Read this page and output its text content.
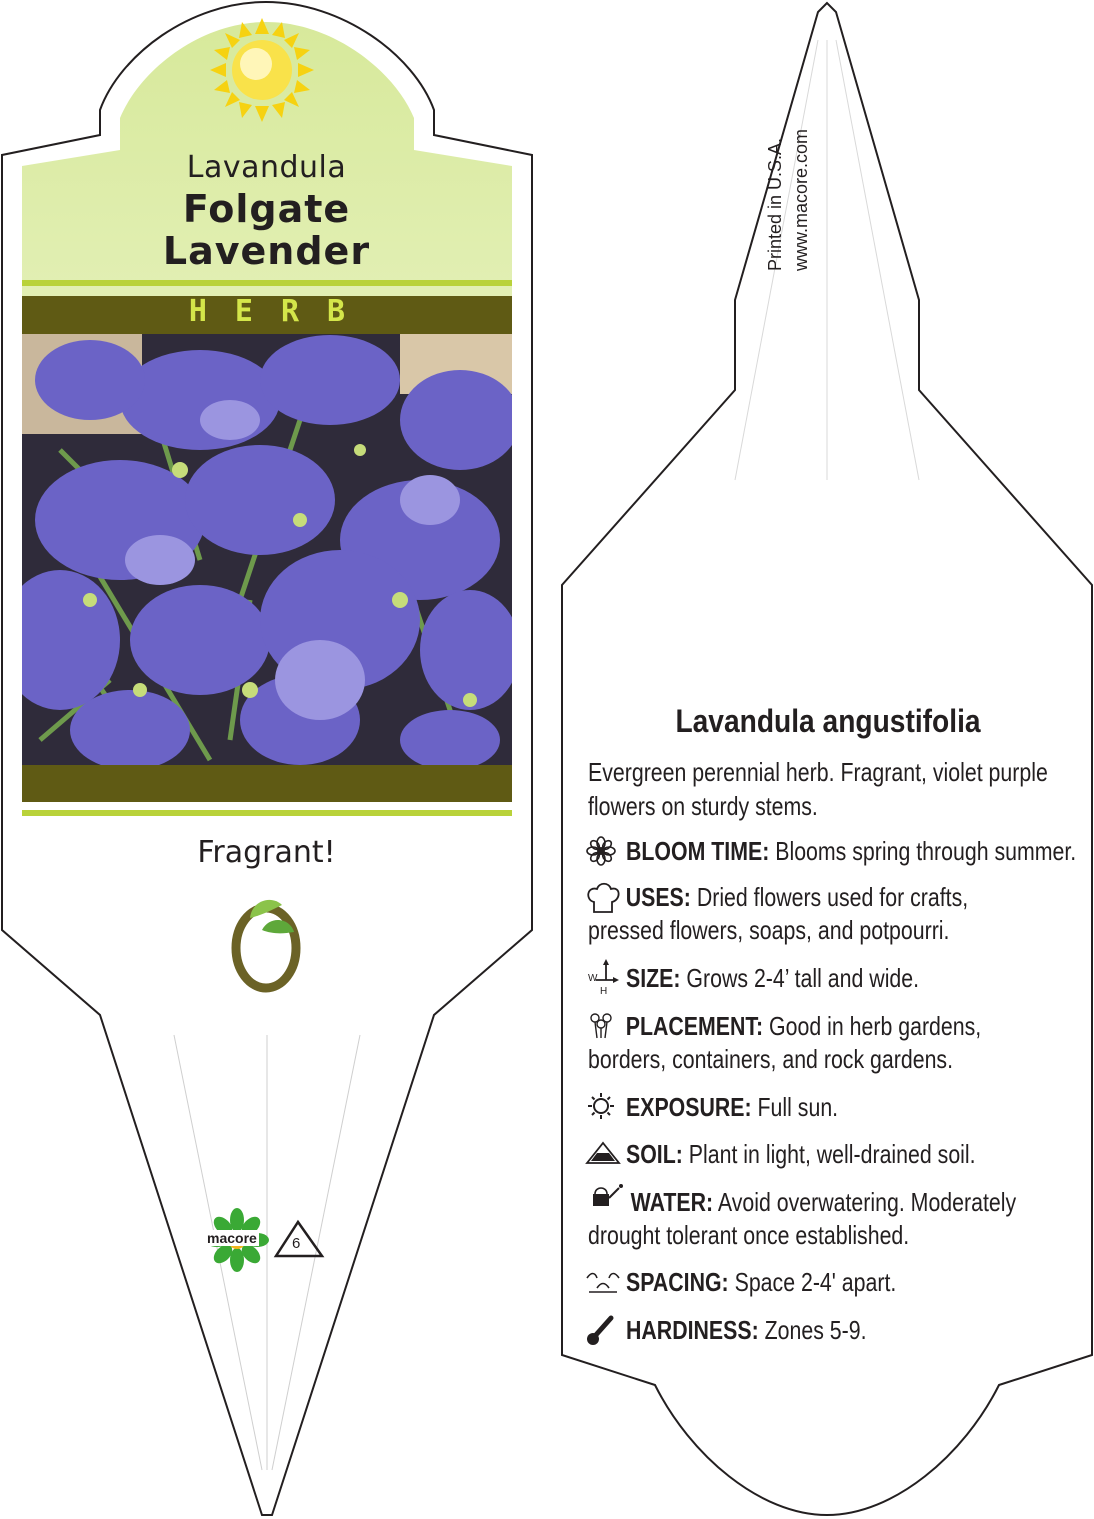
Lavandula
Folgate
Lavender
HERB
Fragrant!
macore 6
Printed in U.S.A. www.macore.com
Lavandula angustifolia
Evergreen perennial herb. Fragrant, violet purple flowers on sturdy stems.
BLOOM TIME: Blooms spring through summer.
USES: Dried flowers used for crafts, pressed flowers, soaps, and potpourri.
SIZE: Grows 2-4’ tall and wide.
W
H
PLACEMENT: Good in herb gardens, borders, containers, and rock gardens.
EXPOSURE: Full sun.
SOIL: Plant in light, well-drained soil.
WATER: Avoid overwatering. Moderately drought tolerant once established.
SPACING: Space 2-4' apart.
HARDINESS: Zones 5-9.
